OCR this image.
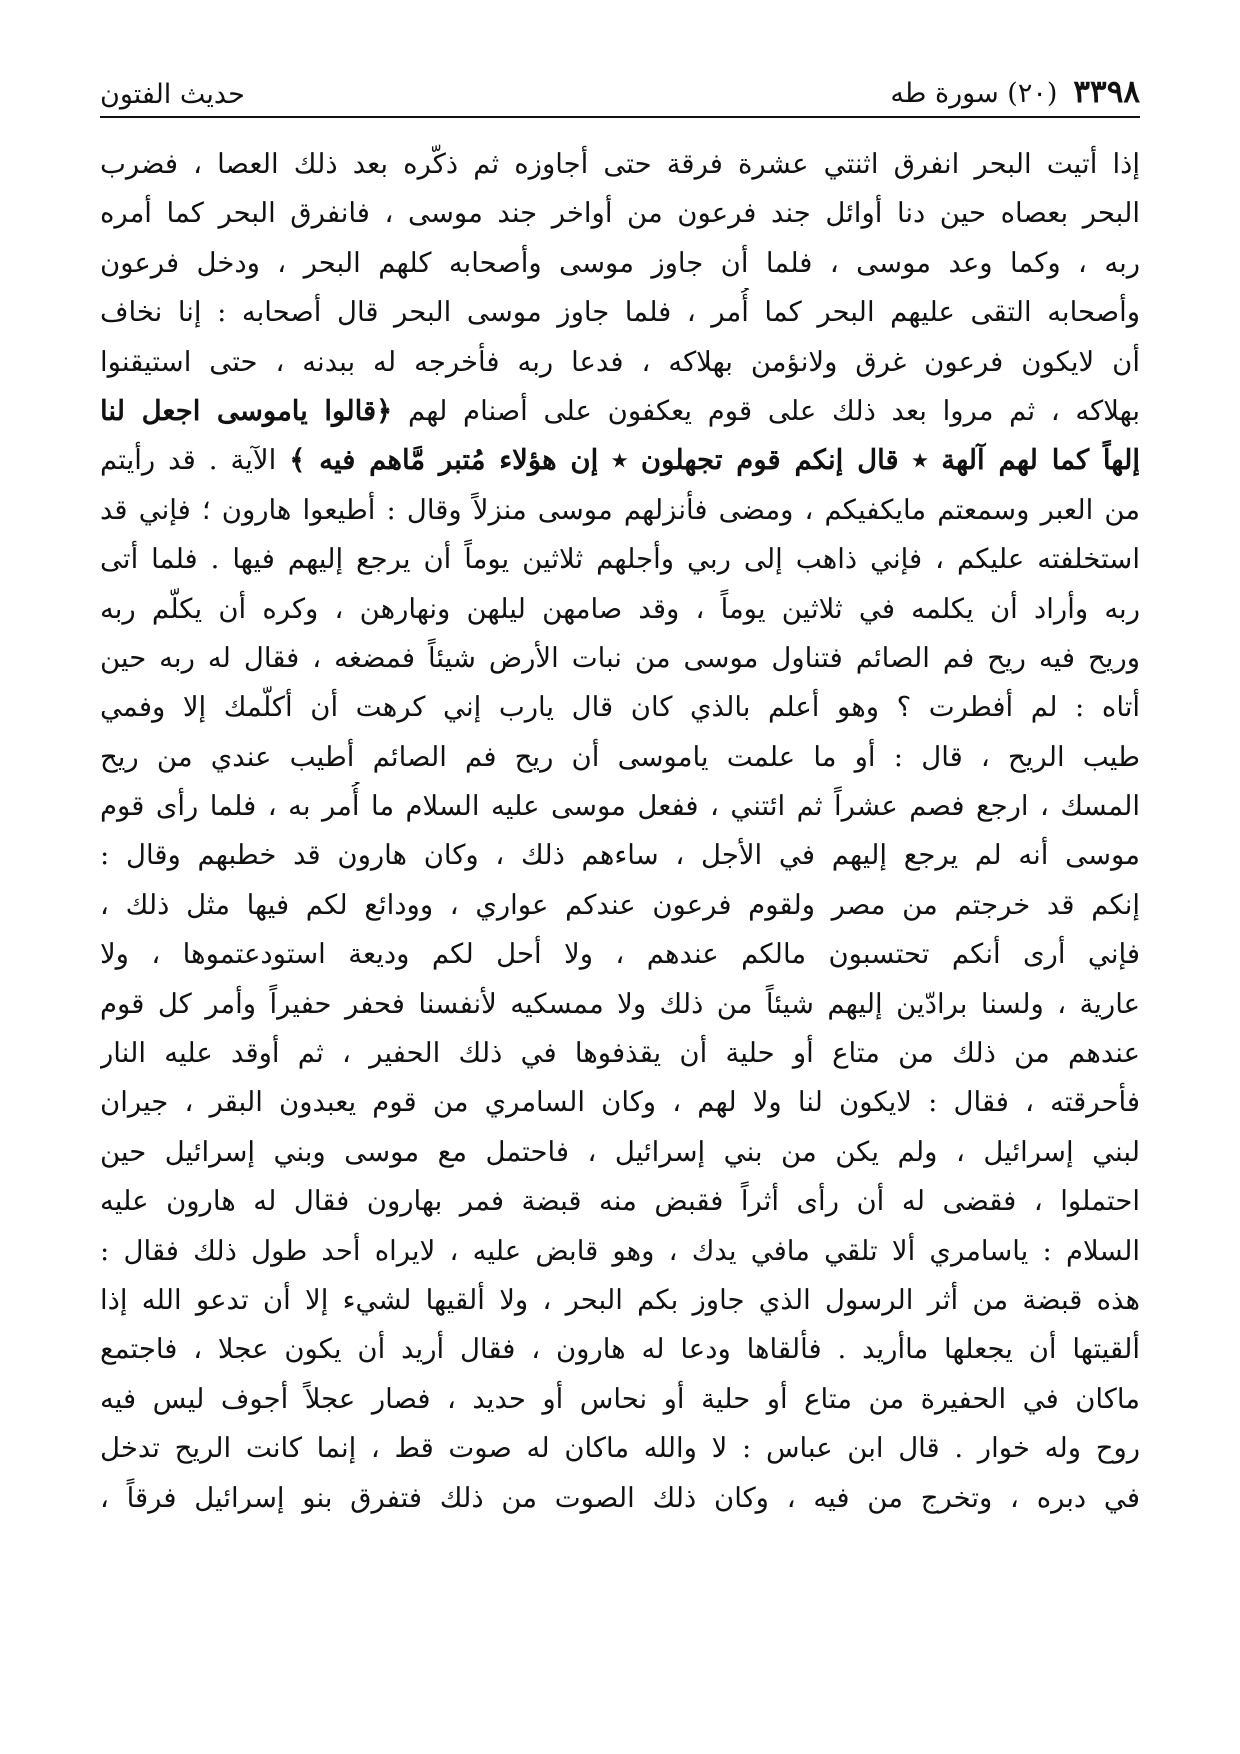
٣٣٩٨
(٢٠) سورة طه
حديث الفتون
إذا أتيت البحر انفرق اثنتي عشرة فرقة حتى أجاوزه ثم ذكّره بعد ذلك العصا ، فضرب
البحر بعصاه حين دنا أوائل جند فرعون من أواخر جند موسى ، فانفرق البحر كما أمره
ربه ، وكما وعد موسى ، فلما أن جاوز موسى وأصحابه كلهم البحر ، ودخل فرعون
وأصحابه التقى عليهم البحر كما أُمر ، فلما جاوز موسى البحر قال أصحابه : إنا نخاف
أن لايكون فرعون غرق ولانؤمن بهلاكه ، فدعا ربه فأخرجه له ببدنه ، حتى استيقنوا
بهلاكه ، ثم مروا بعد ذلك على قوم يعكفون على أصنام لهم ﴿قالوا ياموسى اجعل لنا
إلهاً كما لهم آلهة ٭ قال إنكم قوم تجهلون ٭ إن هؤلاء مُتبر مَّاهم فيه ﴾ الآية . قد رأيتم
من العبر وسمعتم مايكفيكم ، ومضى فأنزلهم موسى منزلاً وقال : أطيعوا هارون ؛ فإني قد
استخلفته عليكم ، فإني ذاهب إلى ربي وأجلهم ثلاثين يوماً أن يرجع إليهم فيها . فلما أتى
ربه وأراد أن يكلمه في ثلاثين يوماً ، وقد صامهن ليلهن ونهارهن ، وكره أن يكلّم ربه
وريح فيه ريح فم الصائم فتناول موسى من نبات الأرض شيئاً فمضغه ، فقال له ربه حين
أتاه : لم أفطرت ؟ وهو أعلم بالذي كان قال يارب إني كرهت أن أكلّمك إلا وفمي
طيب الريح ، قال : أو ما علمت ياموسى أن ريح فم الصائم أطيب عندي من ريح
المسك ، ارجع فصم عشراً ثم ائتني ، ففعل موسى عليه السلام ما أُمر به ، فلما رأى قوم
موسى أنه لم يرجع إليهم في الأجل ، ساءهم ذلك ، وكان هارون قد خطبهم وقال :
إنكم قد خرجتم من مصر ولقوم فرعون عندكم عواري ، وودائع لكم فيها مثل ذلك ،
فإني أرى أنكم تحتسبون مالكم عندهم ، ولا أحل لكم وديعة استودعتموها ، ولا
عارية ، ولسنا برادّين إليهم شيئاً من ذلك ولا ممسكيه لأنفسنا فحفر حفيراً وأمر كل قوم
عندهم من ذلك من متاع أو حلية أن يقذفوها في ذلك الحفير ، ثم أوقد عليه النار
فأحرقته ، فقال : لايكون لنا ولا لهم ، وكان السامري من قوم يعبدون البقر ، جيران
لبني إسرائيل ، ولم يكن من بني إسرائيل ، فاحتمل مع موسى وبني إسرائيل حين
احتملوا ، فقضى له أن رأى أثراً فقبض منه قبضة فمر بهارون فقال له هارون عليه
السلام : ياسامري ألا تلقي مافي يدك ، وهو قابض عليه ، لايراه أحد طول ذلك فقال :
هذه قبضة من أثر الرسول الذي جاوز بكم البحر ، ولا ألقيها لشيء إلا أن تدعو الله إذا
ألقيتها أن يجعلها ماأريد . فألقاها ودعا له هارون ، فقال أريد أن يكون عجلا ، فاجتمع
ماكان في الحفيرة من متاع أو حلية أو نحاس أو حديد ، فصار عجلاً أجوف ليس فيه
روح وله خوار . قال ابن عباس : لا والله ماكان له صوت قط ، إنما كانت الريح تدخل
في دبره ، وتخرج من فيه ، وكان ذلك الصوت من ذلك فتفرق بنو إسرائيل فرقاً ،
